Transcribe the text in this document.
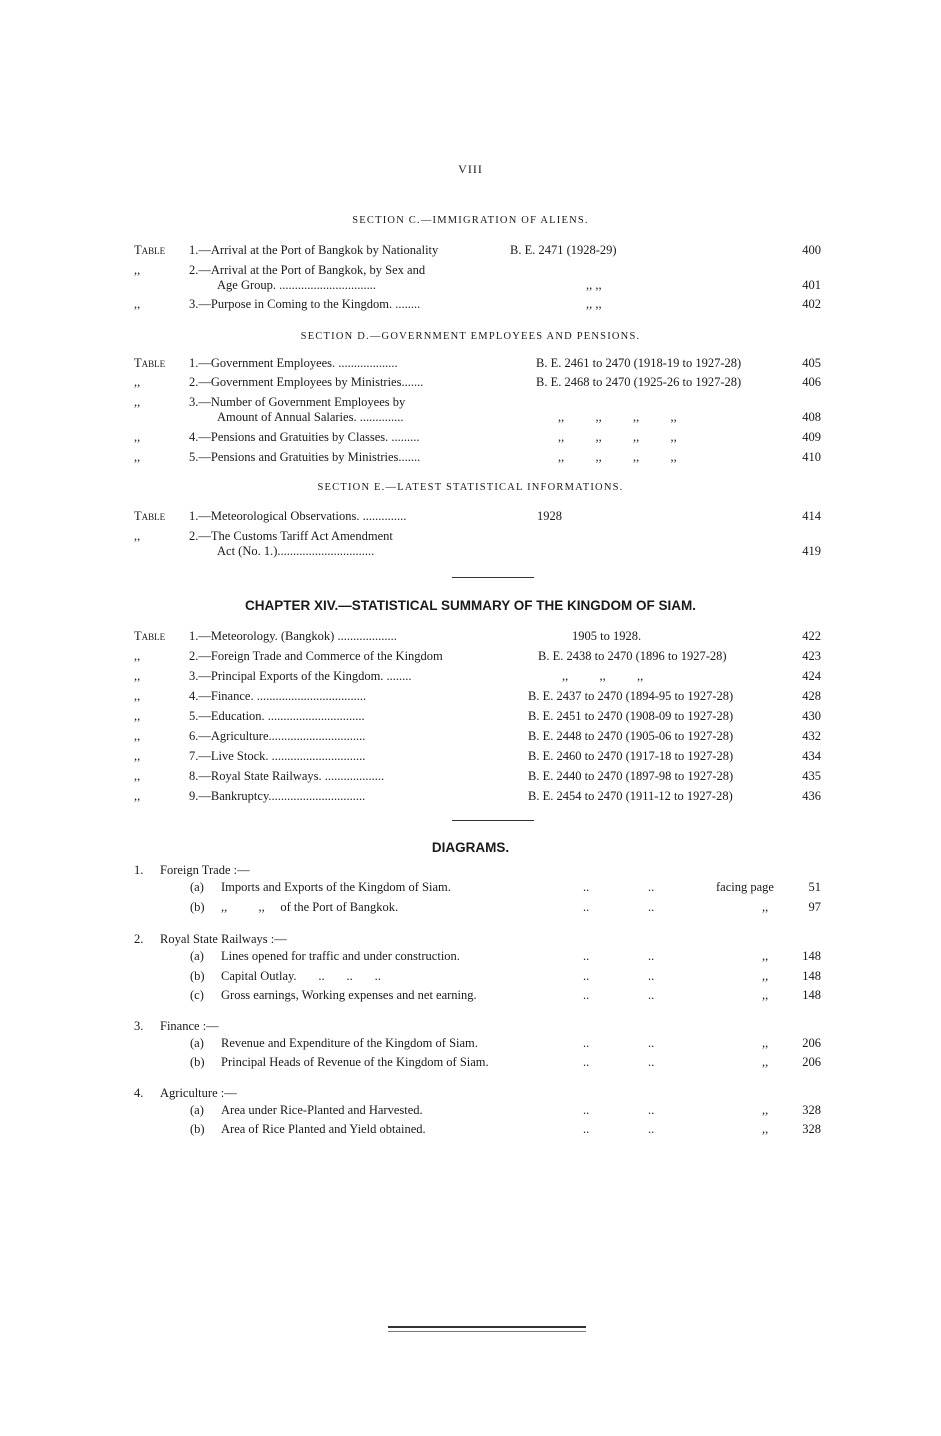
VIII
SECTION C.—IMMIGRATION OF ALIENS.
Table	1.—Arrival at the Port of Bangkok by Nationality	B. E. 2471 (1928-29)	400
,,	2.—Arrival at the Port of Bangkok, by Sex and
Age Group. ...............................	,, ,,	401
,,	3.—Purpose in Coming to the Kingdom. ........	,, ,,	402
SECTION D.—GOVERNMENT EMPLOYEES AND PENSIONS.
Table	1.—Government Employees. ...................	B. E. 2461 to 2470 (1918-19 to 1927-28)	405
,,	2.—Government Employees by Ministries.......	B. E. 2468 to 2470 (1925-26 to 1927-28)	406
,,	3.—Number of Government Employees by
Amount of Annual Salaries. ..............	,,          ,,          ,,          ,,	408
,,	4.—Pensions and Gratuities by Classes. .........	,,          ,,          ,,          ,,	409
,,	5.—Pensions and Gratuities by Ministries.......	,,          ,,          ,,          ,,	410
SECTION E.—LATEST STATISTICAL INFORMATIONS.
Table	1.—Meteorological Observations. ..............	1928	414
,,	2.—The Customs Tariff Act Amendment
Act (No. 1.)...............................	419
CHAPTER XIV.—STATISTICAL SUMMARY OF THE KINGDOM OF SIAM.
Table	1.—Meteorology. (Bangkok) ...................	1905 to 1928.	422
,,	2.—Foreign Trade and Commerce of the Kingdom	B. E. 2438 to 2470 (1896 to 1927-28)	423
,,	3.—Principal Exports of the Kingdom. ........	,,          ,,          ,,	424
,,	4.—Finance. ...................................	B. E. 2437 to 2470 (1894-95 to 1927-28)	428
,,	5.—Education. ...............................	B. E. 2451 to 2470 (1908-09 to 1927-28)	430
,,	6.—Agriculture...............................	B. E. 2448 to 2470 (1905-06 to 1927-28)	432
,,	7.—Live Stock. ..............................	B. E. 2460 to 2470 (1917-18 to 1927-28)	434
,,	8.—Royal State Railways. ...................	B. E. 2440 to 2470 (1897-98 to 1927-28)	435
,,	9.—Bankruptcy...............................	B. E. 2454 to 2470 (1911-12 to 1927-28)	436
DIAGRAMS.
1.	Foreign Trade :—
(a)	Imports and Exports of the Kingdom of Siam.	..	..	facing page	51
(b)	,,          ,,     of the Port of Bangkok.	..	..	,,	97
2.	Royal State Railways :—
(a)	Lines opened for traffic and under construction.	..	..	,,	148
(b)	Capital Outlay.       ..       ..       ..	..	..	,,	148
(c)	Gross earnings, Working expenses and net earning.	..	..	,,	148
3.	Finance :—
(a)	Revenue and Expenditure of the Kingdom of Siam.	..	..	,,	206
(b)	Principal Heads of Revenue of the Kingdom of Siam.	..	..	,,	206
4.	Agriculture :—
(a)	Area under Rice-Planted and Harvested.	..	..	,,	328
(b)	Area of Rice Planted and Yield obtained.	..	..	,,	328
